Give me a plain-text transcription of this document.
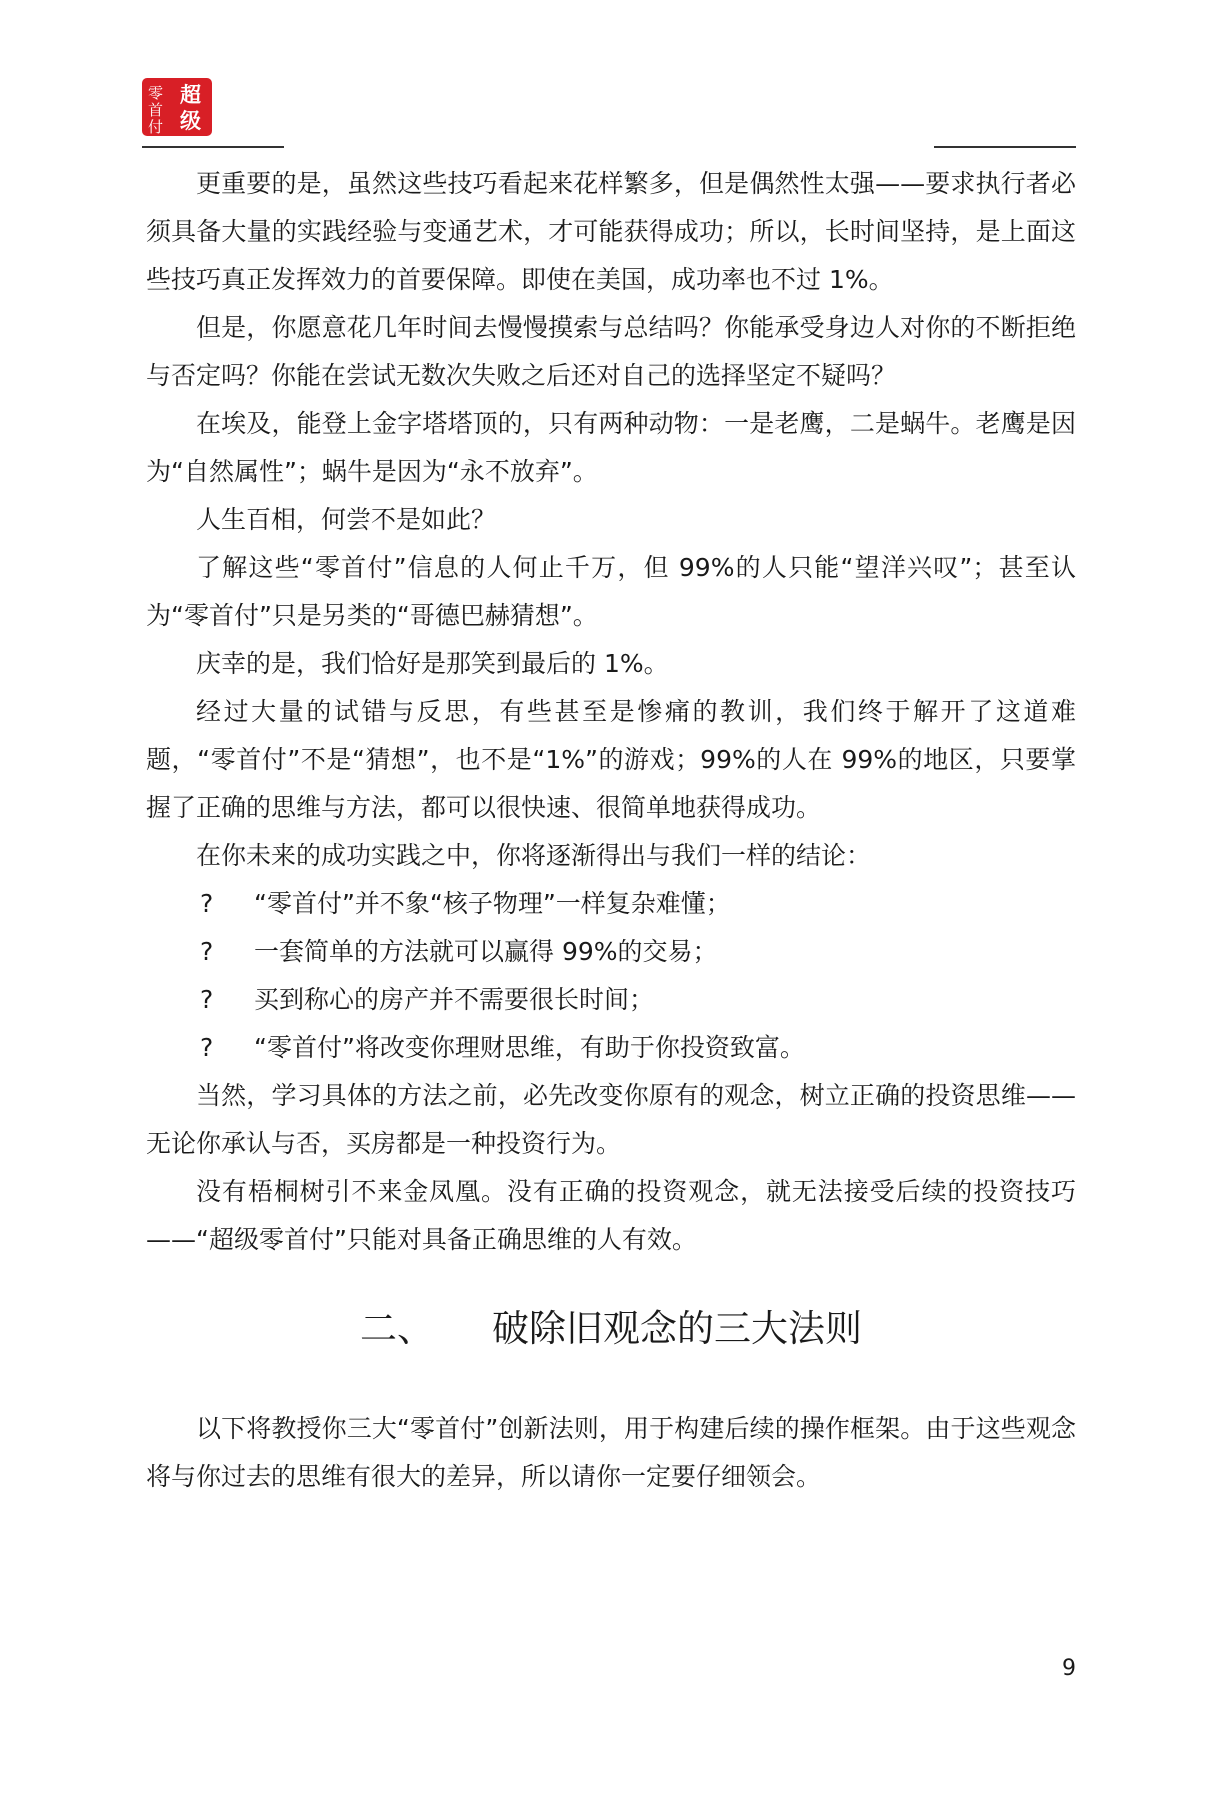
超
级
零
首
付

更重要的是，虽然这些技巧看起来花样繁多，但是偶然性太强——要求执行者必须具备大量的实践经验与变通艺术，才可能获得成功；所以，长时间坚持，是上面这些技巧真正发挥效力的首要保障。即使在美国，成功率也不过 1%。

但是，你愿意花几年时间去慢慢摸索与总结吗？你能承受身边人对你的不断拒绝与否定吗？你能在尝试无数次失败之后还对自己的选择坚定不疑吗？

在埃及，能登上金字塔塔顶的，只有两种动物：一是老鹰，二是蜗牛。老鹰是因为“自然属性”；蜗牛是因为“永不放弃”。

人生百相，何尝不是如此？

了解这些“零首付”信息的人何止千万，但 99%的人只能“望洋兴叹”；甚至认为“零首付”只是另类的“哥德巴赫猜想”。

庆幸的是，我们恰好是那笑到最后的 1%。

经过大量的试错与反思，有些甚至是惨痛的教训，我们终于解开了这道难题，“零首付”不是“猜想”，也不是“1%”的游戏；99%的人在 99%的地区，只要掌握了正确的思维与方法，都可以很快速、很简单地获得成功。

在你未来的成功实践之中，你将逐渐得出与我们一样的结论：

? “零首付”并不象“核子物理”一样复杂难懂；

? 一套简单的方法就可以赢得 99%的交易；

? 买到称心的房产并不需要很长时间；

? “零首付”将改变你理财思维，有助于你投资致富。

当然，学习具体的方法之前，必先改变你原有的观念，树立正确的投资思维——无论你承认与否，买房都是一种投资行为。

没有梧桐树引不来金凤凰。没有正确的投资观念，就无法接受后续的投资技巧——“超级零首付”只能对具备正确思维的人有效。

二、 破除旧观念的三大法则

以下将教授你三大“零首付”创新法则，用于构建后续的操作框架。由于这些观念将与你过去的思维有很大的差异，所以请你一定要仔细领会。

9
